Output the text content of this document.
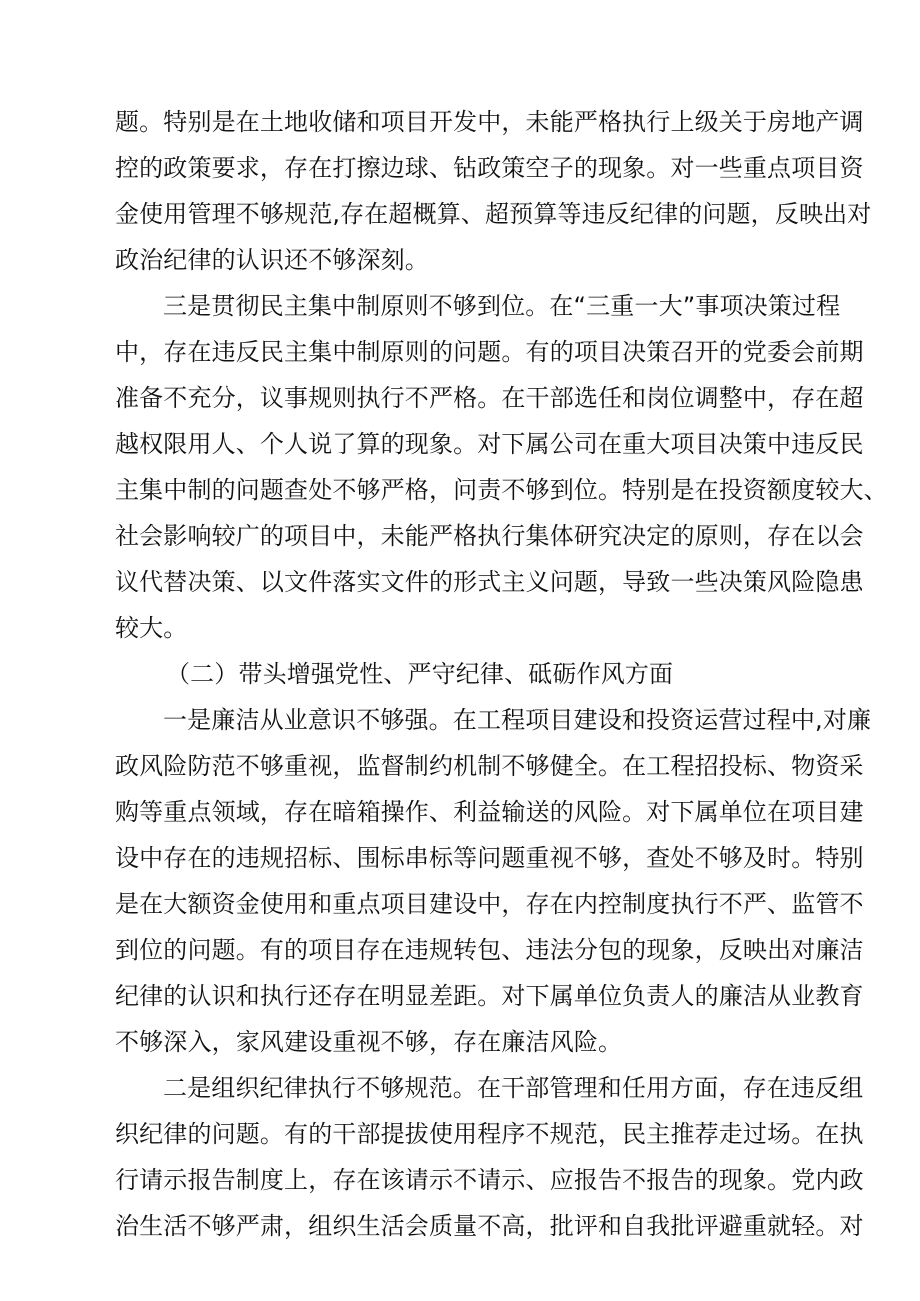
题。特别是在土地收储和项目开发中，未能严格执行上级关于房地产调
控的政策要求，存在打擦边球、钻政策空子的现象。对一些重点项目资
金使用管理不够规范,存在超概算、超预算等违反纪律的问题，反映出对
政治纪律的认识还不够深刻。
三是贯彻民主集中制原则不够到位。在“三重一大”事项决策过程
中，存在违反民主集中制原则的问题。有的项目决策召开的党委会前期
准备不充分，议事规则执行不严格。在干部选任和岗位调整中，存在超
越权限用人、个人说了算的现象。对下属公司在重大项目决策中违反民
主集中制的问题查处不够严格，问责不够到位。特别是在投资额度较大、
社会影响较广的项目中，未能严格执行集体研究决定的原则，存在以会
议代替决策、以文件落实文件的形式主义问题，导致一些决策风险隐患
较大。
（二）带头增强党性、严守纪律、砥砺作风方面
一是廉洁从业意识不够强。在工程项目建设和投资运营过程中,对廉
政风险防范不够重视，监督制约机制不够健全。在工程招投标、物资采
购等重点领域，存在暗箱操作、利益输送的风险。对下属单位在项目建
设中存在的违规招标、围标串标等问题重视不够，查处不够及时。特别
是在大额资金使用和重点项目建设中，存在内控制度执行不严、监管不
到位的问题。有的项目存在违规转包、违法分包的现象，反映出对廉洁
纪律的认识和执行还存在明显差距。对下属单位负责人的廉洁从业教育
不够深入，家风建设重视不够，存在廉洁风险。
二是组织纪律执行不够规范。在干部管理和任用方面，存在违反组
织纪律的问题。有的干部提拔使用程序不规范，民主推荐走过场。在执
行请示报告制度上，存在该请示不请示、应报告不报告的现象。党内政
治生活不够严肃，组织生活会质量不高，批评和自我批评避重就轻。对
